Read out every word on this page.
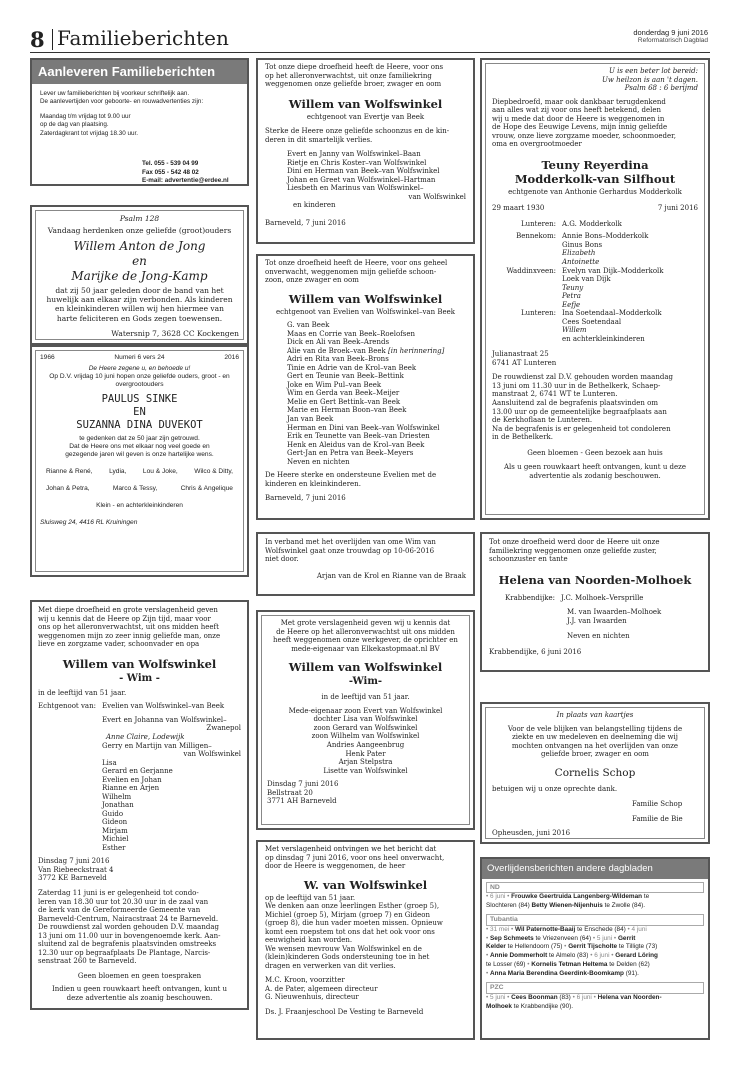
8 Familieberichten	donderdag 9 juni 2016
Reformatorisch Dagblad
Aanleveren Familieberichten
Lever uw familieberichten bij voorkeur schriftelijk aan.
De aanlevertijden voor geboorte- en rouwadvertenties zijn:
Maandag t/m vrijdag tot 9.00 uur
op de dag van plaatsing.
Zaterdagkrant tot vrijdag 18.30 uur.
Tel. 055 - 539 04 99
Fax 055 - 542 48 02
E-mail: advertentie@erdee.nl
Psalm 128
Vandaag herdenken onze geliefde (groot)ouders
Willem Anton de Jong
en
Marijke de Jong-Kamp
dat zij 50 jaar geleden door de band van het
huwelijk aan elkaar zijn verbonden. Als kinderen
en kleinkinderen willen wij hen hiermee van
harte feliciteren en Gods zegen toewensen.
Watersnip 7, 3628 CC Kockengen
1966	Numeri 6 vers 24	2016
De Heere zegene u, en behoede u!
Op D.V. vrijdag 10 juni hopen onze geliefde ouders, groot - en
overgrootouders
PAULUS SINKE
EN
SUZANNA DINA DUVEKOT
te gedenken dat ze 50 jaar zijn getrouwd.
Dat de Heere ons met elkaar nog veel goede en
gezegende jaren wil geven is onze hartelijke wens.
Rianne & René,	Lydia,	Lou & Joke,	Wilco & Ditty,
Johan & Petra,	Marco & Tessy,	Chris & Angelique
Klein - en achterkleinkinderen
Sluisweg 24, 4416 RL Kruiningen
Met diepe droefheid en grote verslagenheid geven
wij u kennis dat de Heere op Zijn tijd, maar voor
ons op het alleronverwachtst, uit ons midden heeft
weggenomen mijn zo zeer innig geliefde man, onze
lieve en zorgzame vader, schoonvader en opa
Willem van Wolfswinkel
- Wim -
in de leeftijd van 51 jaar.
Echtgenoot van: Evelien van Wolfswinkel–van Beek
Evert en Johanna van Wolfswinkel–
Zwanepol
Anne Claire, Lodewijk
Gerry en Martijn van Milligen–
van Wolfswinkel
Lisa
Gerard en Gerjanne
Evelien en Johan
Rianne en Arjen
Wilhelm
Jonathan
Guido
Gideon
Mirjam
Michiel
Esther
Dinsdag 7 juni 2016
Van Riebeeckstraat 4
3772 KE Barneveld
Zaterdag 11 juni is er gelegenheid tot condo-
leren van 18.30 uur tot 20.30 uur in de zaal van
de kerk van de Gereformeerde Gemeente van
Barneveld-Centrum, Nairacstraat 24 te Barneveld.
De rouwdienst zal worden gehouden D.V. maandag
13 juni om 11.00 uur in bovengenoemde kerk. Aan-
sluitend zal de begrafenis plaatsvinden omstreeks
12.30 uur op begraafplaats De Plantage, Narcis-
senstraat 260 te Barneveld.
Geen bloemen en geen toespraken
Indien u geen rouwkaart heeft ontvangen, kunt u
deze advertentie als zoanig beschouwen.
Tot onze diepe droefheid heeft de Heere, voor ons
op het alleronverwachtst, uit onze familiekring
weggenomen onze geliefde broer, zwager en oom
Willem van Wolfswinkel
echtgenoot van Evertje van Beek
Sterke de Heere onze geliefde schoonzus en de kin-
deren in dit smartelijk verlies.
Evert en Janny van Wolfswinkel–Baan
Rietje en Chris Koster–van Wolfswinkel
Dini en Herman van Beek–van Wolfswinkel
Johan en Greet van Wolfswinkel–Hartman
Liesbeth en Marinus van Wolfswinkel–
van Wolfswinkel
en kinderen
Barneveld, 7 juni 2016
Tot onze droefheid heeft de Heere, voor ons geheel
onverwacht, weggenomen mijn geliefde schoon-
zoon, onze zwager en oom
Willem van Wolfswinkel
echtgenoot van Evelien van Wolfswinkel–van Beek
G. van Beek
Maas en Corrie van Beek–Roelofsen
Dick en Ali van Beek–Arends
Alie van de Broek–van Beek [in herinnering]
Adri en Rita van Beek–Brons
Tinie en Adrie van de Krol–van Beek
Gert en Teunie van Beek–Bettink
Joke en Wim Pul–van Beek
Wim en Gerda van Beek–Meijer
Melie en Gert Bettink–van Beek
Marie en Herman Boon–van Beek
Jan van Beek
Herman en Dini van Beek–van Wolfswinkel
Erik en Teunette van Beek–van Driesten
Henk en Aleidus van de Krol–van Beek
Gert-Jan en Petra van Beek–Meyers
Neven en nichten
De Heere sterke en ondersteune Evelien met de
kinderen en kleinkinderen.
Barneveld, 7 juni 2016
In verband met het overlijden van ome Wim van
Wolfswinkel gaat onze trouwdag op 10-06-2016
niet door.
Arjan van de Krol en Rianne van de Braak
Met grote verslagenheid geven wij u kennis dat
de Heere op het alleronverwachtst uit ons midden
heeft weggenomen onze werkgever, de oprichter en
mede-eigenaar van Elkekastopmaat.nl BV
Willem van Wolfswinkel
-Wim-
in de leeftijd van 51 jaar.
Mede-eigenaar zoon Evert van Wolfswinkel
dochter Lisa van Wolfswinkel
zoon Gerard van Wolfswinkel
zoon Wilhelm van Wolfswinkel
Andries Aangeenbrug
Henk Pater
Arjan Stelpstra
Lisette van Wolfswinkel
Dinsdag 7 juni 2016
Bellstraat 20
3771 AH Barneveld
Met verslagenheid ontvingen we het bericht dat
op dinsdag 7 juni 2016, voor ons heel onverwacht,
door de Heere is weggenomen, de heer
W. van Wolfswinkel
op de leeftijd van 51 jaar.
We denken aan onze leerlingen Esther (groep 5),
Michiel (groep 5), Mirjam (groep 7) en Gideon
(groep 8), die hun vader moeten missen. Opnieuw
komt een roepstem tot ons dat het ook voor ons
eeuwigheid kan worden.
We wensen mevrouw Van Wolfswinkel en de
(klein)kinderen Gods ondersteuning toe in het
dragen en verwerken van dit verlies.
M.C. Kroon, voorzitter
A. de Pater, algemeen directeur
G. Nieuwenhuis, directeur
Ds. J. Fraanjeschool De Vesting te Barneveld
U is een beter lot bereid:
Uw heilzon is aan 't dagen.
Psalm 68 : 6 berijmd
Diepbedroefd, maar ook dankbaar terugdenkend
aan alles wat zij voor ons heeft betekend, delen
wij u mede dat door de Heere is weggenomen in
de Hope des Eeuwige Levens, mijn innig geliefde
vrouw, onze lieve zorgzame moeder, schoonmoeder,
oma en overgrootmoeder
Teuny Reyerdina
Modderkolk-van Silfhout
echtgenote van Anthonie Gerhardus Modderkolk
29 maart 1930	7 juni 2016
Lunteren: A.G. Modderkolk
Bennekom: Annie Bons–Modderkolk
Ginus Bons
Elizabeth
Antoinette
Waddinxveen: Evelyn van Dijk–Modderkolk
Loek van Dijk
Teuny
Petra
Eefje
Lunteren: Ina Soetendaal–Modderkolk
Cees Soetendaal
Willem
en achterkleinkinderen
Julianastraat 25
6741 AT Lunteren
De rouwdienst zal D.V. gehouden worden maandag
13 juni om 11.30 uur in de Bethelkerk, Schaep-
manstraat 2, 6741 WT te Lunteren.
Aansluitend zal de begrafenis plaatsvinden om
13.00 uur op de gemeentelijke begraafplaats aan
de Kerkhoflaan te Lunteren.
Na de begrafenis is er gelegenheid tot condoleren
in de Bethelkerk.
Geen bloemen - Geen bezoek aan huis
Als u geen rouwkaart heeft ontvangen, kunt u deze
advertentie als zodanig beschouwen.
Tot onze droefheid werd door de Heere uit onze
familiekring weggenomen onze geliefde zuster,
schoonzuster en tante
Helena van Noorden-Molhoek
Krabbendijke: J.C. Molhoek–Versprille
M. van Iwaarden–Molhoek
J.J. van Iwaarden
Neven en nichten
Krabbendijke, 6 juni 2016
In plaats van kaartjes
Voor de vele blijken van belangstelling tijdens de
ziekte en uw medeleven en deelneming die wij
mochten ontvangen na het overlijden van onze
geliefde broer, zwager en oom
Cornelis Schop
betuigen wij u onze oprechte dank.
Familie Schop
Familie de Bie
Opheusden, juni 2016
Overlijdensberichten andere dagbladen
ND
• 6 juni • Frouwke Geertruida Langenberg-Wildeman te
Slochteren (84) Betty Wienen-Nijenhuis te Zwolle (84).
Tubantia
• 31 mei • Wil Paternotte-Baaij te Enschede (84) • 4 juni
• Sep Schmeets te Vriezenveen (64) • 5 juni • Gerrit
Kelder te Hellendoorn (75) • Gerrit Tijscholte te Tilligte (73)
• Annie Dommerholt te Almelo (83) • 6 juni • Gerard Löring
te Losser (69) • Kornelis Tetman Heltema te Delden (62)
• Anna Maria Berendina Geerdink-Boomkamp (91).
PZC
• 5 juni • Cees Boonman (83) • 6 juni • Helena van Noorden-
Molhoek te Krabbendijke (90).
